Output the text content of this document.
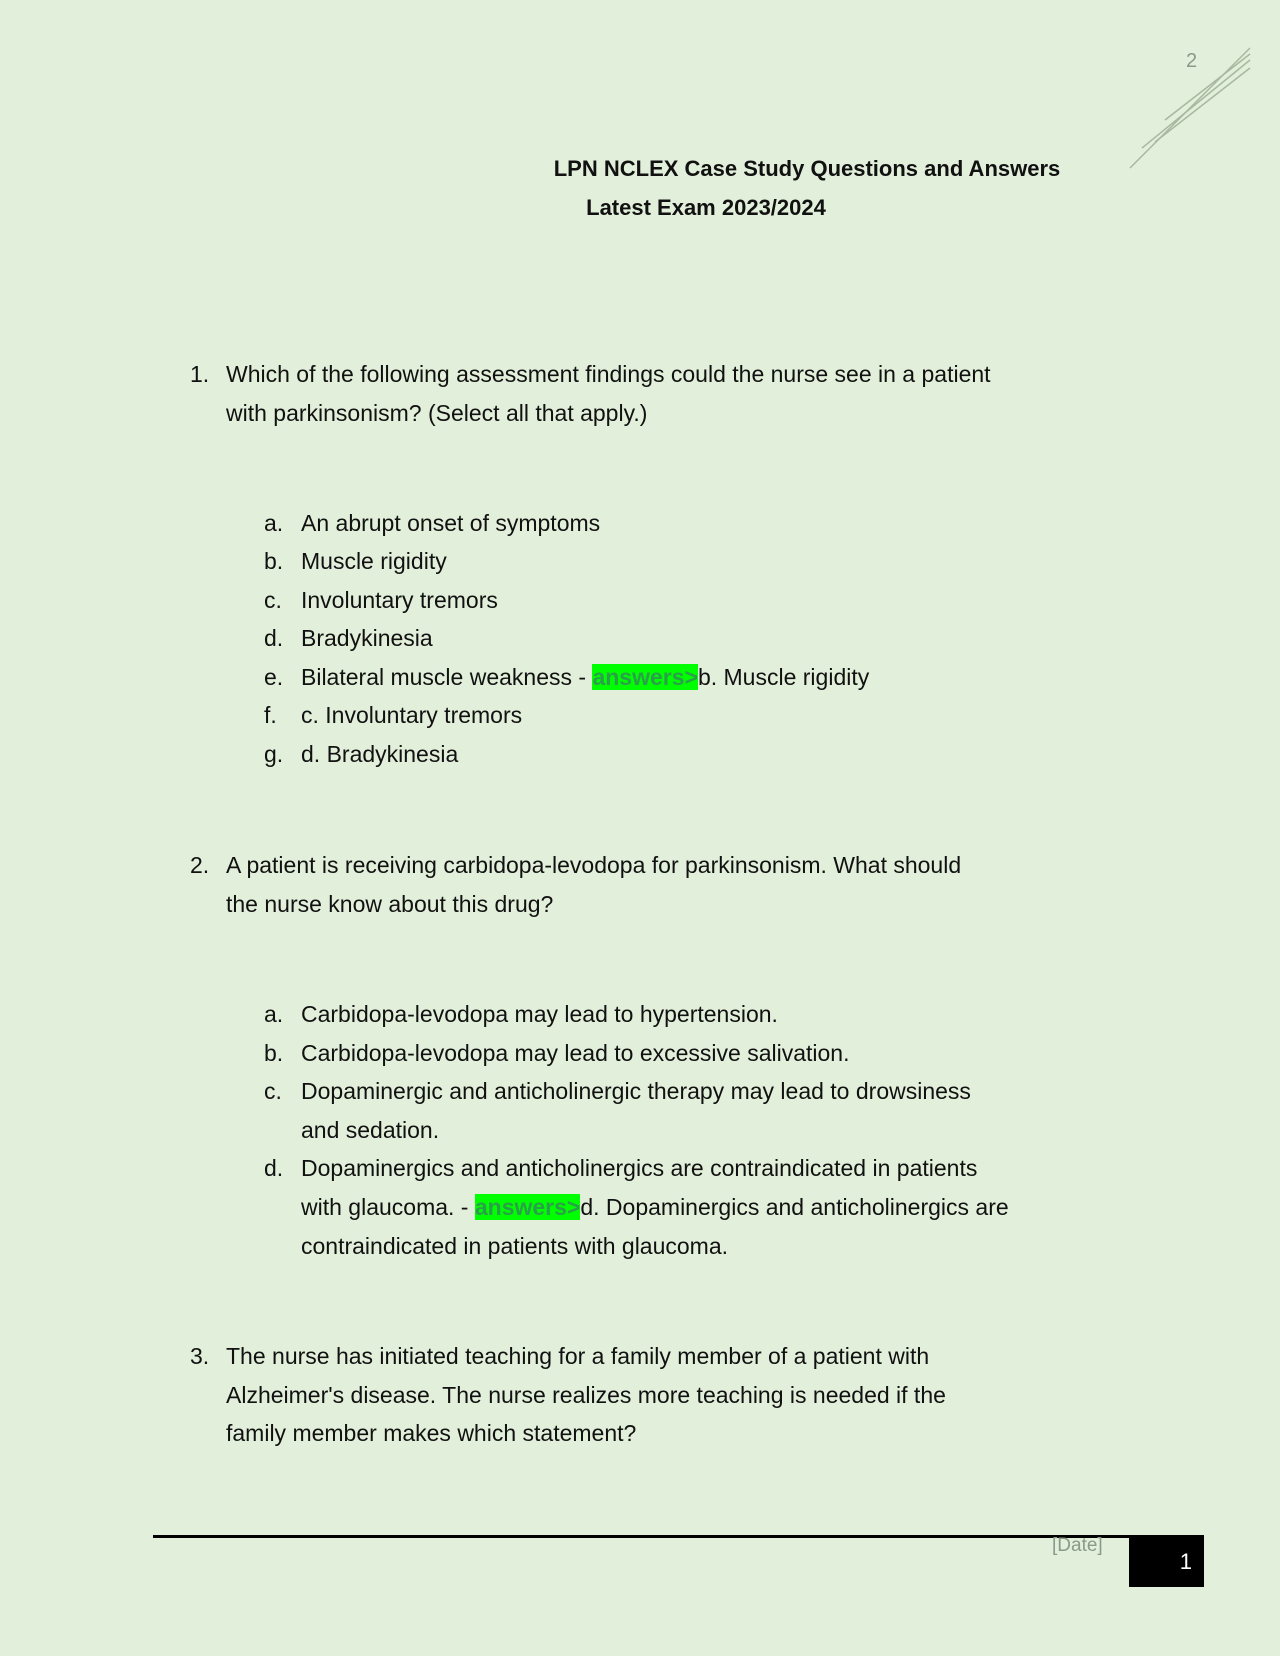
2
LPN NCLEX Case Study Questions and Answers
Latest Exam 2023/2024
1. Which of the following assessment findings could the nurse see in a patient
with parkinsonism? (Select all that apply.)
a. An abrupt onset of symptoms
b. Muscle rigidity
c. Involuntary tremors
d. Bradykinesia
e. Bilateral muscle weakness - answers>b. Muscle rigidity
f. c. Involuntary tremors
g. d. Bradykinesia
2. A patient is receiving carbidopa-levodopa for parkinsonism. What should
the nurse know about this drug?
a. Carbidopa-levodopa may lead to hypertension.
b. Carbidopa-levodopa may lead to excessive salivation.
c. Dopaminergic and anticholinergic therapy may lead to drowsiness
and sedation.
d. Dopaminergics and anticholinergics are contraindicated in patients
with glaucoma. - answers>d. Dopaminergics and anticholinergics are
contraindicated in patients with glaucoma.
3. The nurse has initiated teaching for a family member of a patient with
Alzheimer's disease. The nurse realizes more teaching is needed if the
family member makes which statement?
[Date]
1
